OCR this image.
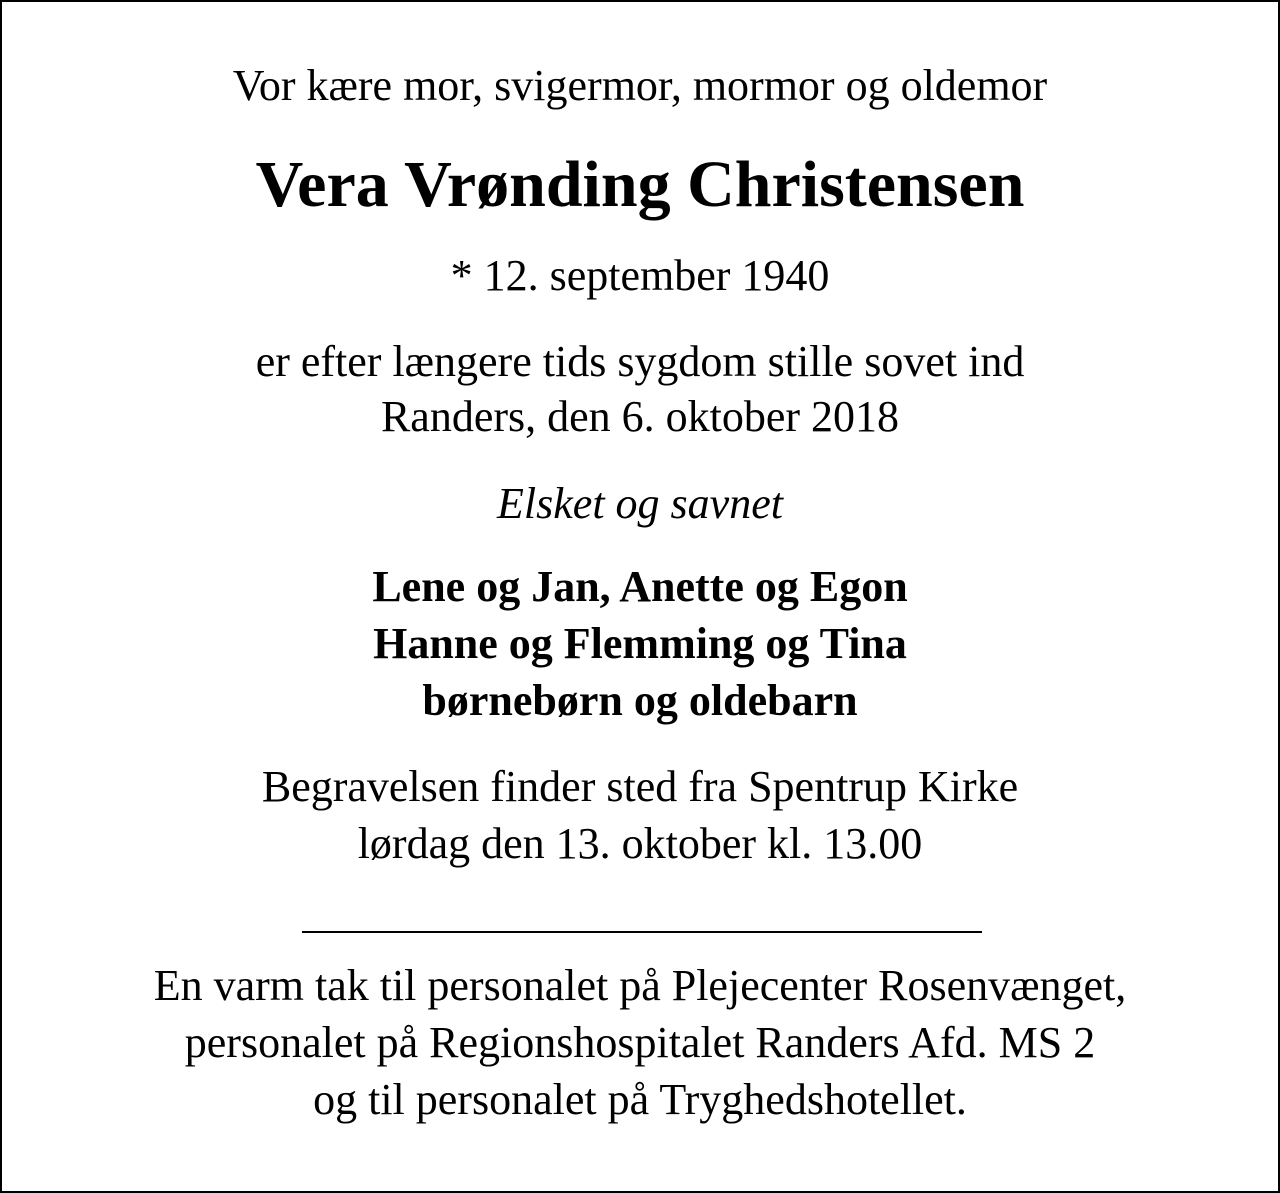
Vor kære mor, svigermor, mormor og oldemor
Vera Vrønding Christensen
* 12. september 1940
er efter længere tids sygdom stille sovet ind
Randers, den 6. oktober 2018
Elsket og savnet
Lene og Jan, Anette og Egon
Hanne og Flemming og Tina
børnebørn og oldebarn
Begravelsen finder sted fra Spentrup Kirke
lørdag den 13. oktober kl. 13.00
En varm tak til personalet på Plejecenter Rosenvænget,
personalet på Regionshospitalet Randers Afd. MS 2
og til personalet på Tryghedshotellet.
